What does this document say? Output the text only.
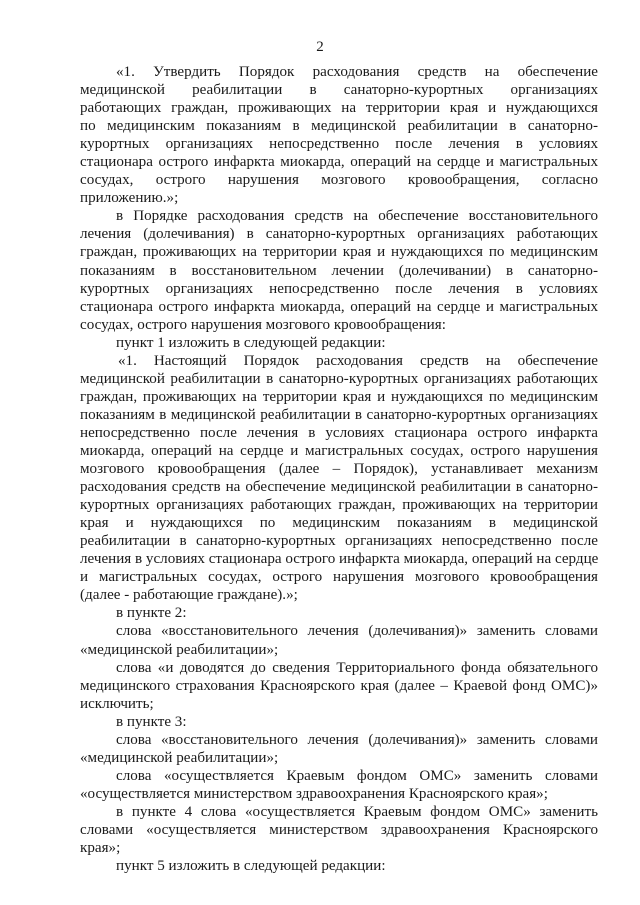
2
«1. Утвердить Порядок расходования средств на обеспечение
медицинской реабилитации в санаторно-курортных организациях
работающих граждан, проживающих на территории края и нуждающихся
по медицинским показаниям в медицинской реабилитации в санаторно-
курортных организациях непосредственно после лечения в условиях
стационара острого инфаркта миокарда, операций на сердце и магистральных
сосудах, острого нарушения мозгового кровообращения, согласно
приложению.»;
в Порядке расходования средств на обеспечение восстановительного
лечения (долечивания) в санаторно-курортных организациях работающих
граждан, проживающих на территории края и нуждающихся по медицинским
показаниям в восстановительном лечении (долечивании) в санаторно-
курортных организациях непосредственно после лечения в условиях
стационара острого инфаркта миокарда, операций на сердце и магистральных
сосудах, острого нарушения мозгового кровообращения:
пункт 1 изложить в следующей редакции:
«1. Настоящий Порядок расходования средств на обеспечение
медицинской реабилитации в санаторно-курортных организациях работающих
граждан, проживающих на территории края и нуждающихся по медицинским
показаниям в медицинской реабилитации в санаторно-курортных организациях
непосредственно после лечения в условиях стационара острого инфаркта
миокарда, операций на сердце и магистральных сосудах, острого нарушения
мозгового кровообращения (далее – Порядок), устанавливает механизм
расходования средств на обеспечение медицинской реабилитации в санаторно-
курортных организациях работающих граждан, проживающих на территории
края и нуждающихся по медицинским показаниям в медицинской
реабилитации в санаторно-курортных организациях непосредственно после
лечения в условиях стационара острого инфаркта миокарда, операций на сердце
и магистральных сосудах, острого нарушения мозгового кровообращения
(далее - работающие граждане).»;
в пункте 2:
слова «восстановительного лечения (долечивания)» заменить словами
«медицинской реабилитации»;
слова «и доводятся до сведения Территориального фонда обязательного
медицинского страхования Красноярского края (далее – Краевой фонд ОМС)»
исключить;
в пункте 3:
слова «восстановительного лечения (долечивания)» заменить словами
«медицинской реабилитации»;
слова «осуществляется Краевым фондом ОМС» заменить словами
«осуществляется министерством здравоохранения Красноярского края»;
в пункте 4 слова «осуществляется Краевым фондом ОМС» заменить
словами «осуществляется министерством здравоохранения Красноярского
края»;
пункт 5 изложить в следующей редакции:
